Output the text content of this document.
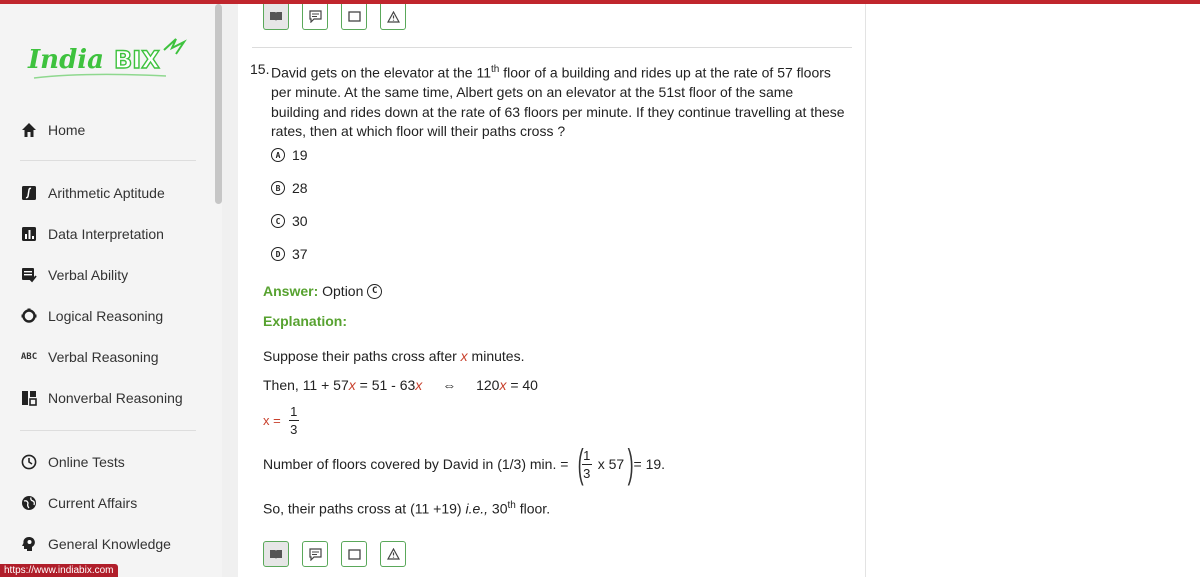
India BIX
Home
Arithmetic Aptitude
Data Interpretation
Verbal Ability
Logical Reasoning
ABC Verbal Reasoning
Nonverbal Reasoning
Online Tests
Current Affairs
General Knowledge
https://www.indiabix.com
15. David gets on the elevator at the 11th floor of a building and rides up at the rate of 57 floors per minute. At the same time, Albert gets on an elevator at the 51st floor of the same building and rides down at the rate of 63 floors per minute. If they continue travelling at these rates, then at which floor will their paths cross ?
A 19
B 28
C 30
D 37
Answer:
Option
C
Explanation:
Suppose their paths cross after x minutes.
Then, 11 + 57x = 51 - 63x ⇔ 120x = 40
$x = \frac{1}{3}$
Number of floors covered by David in (1/3) min. = (
$\frac{1}{3}$ x 57 ) = 19.
So, their paths cross at (11 +19) i.e., 30th floor.
